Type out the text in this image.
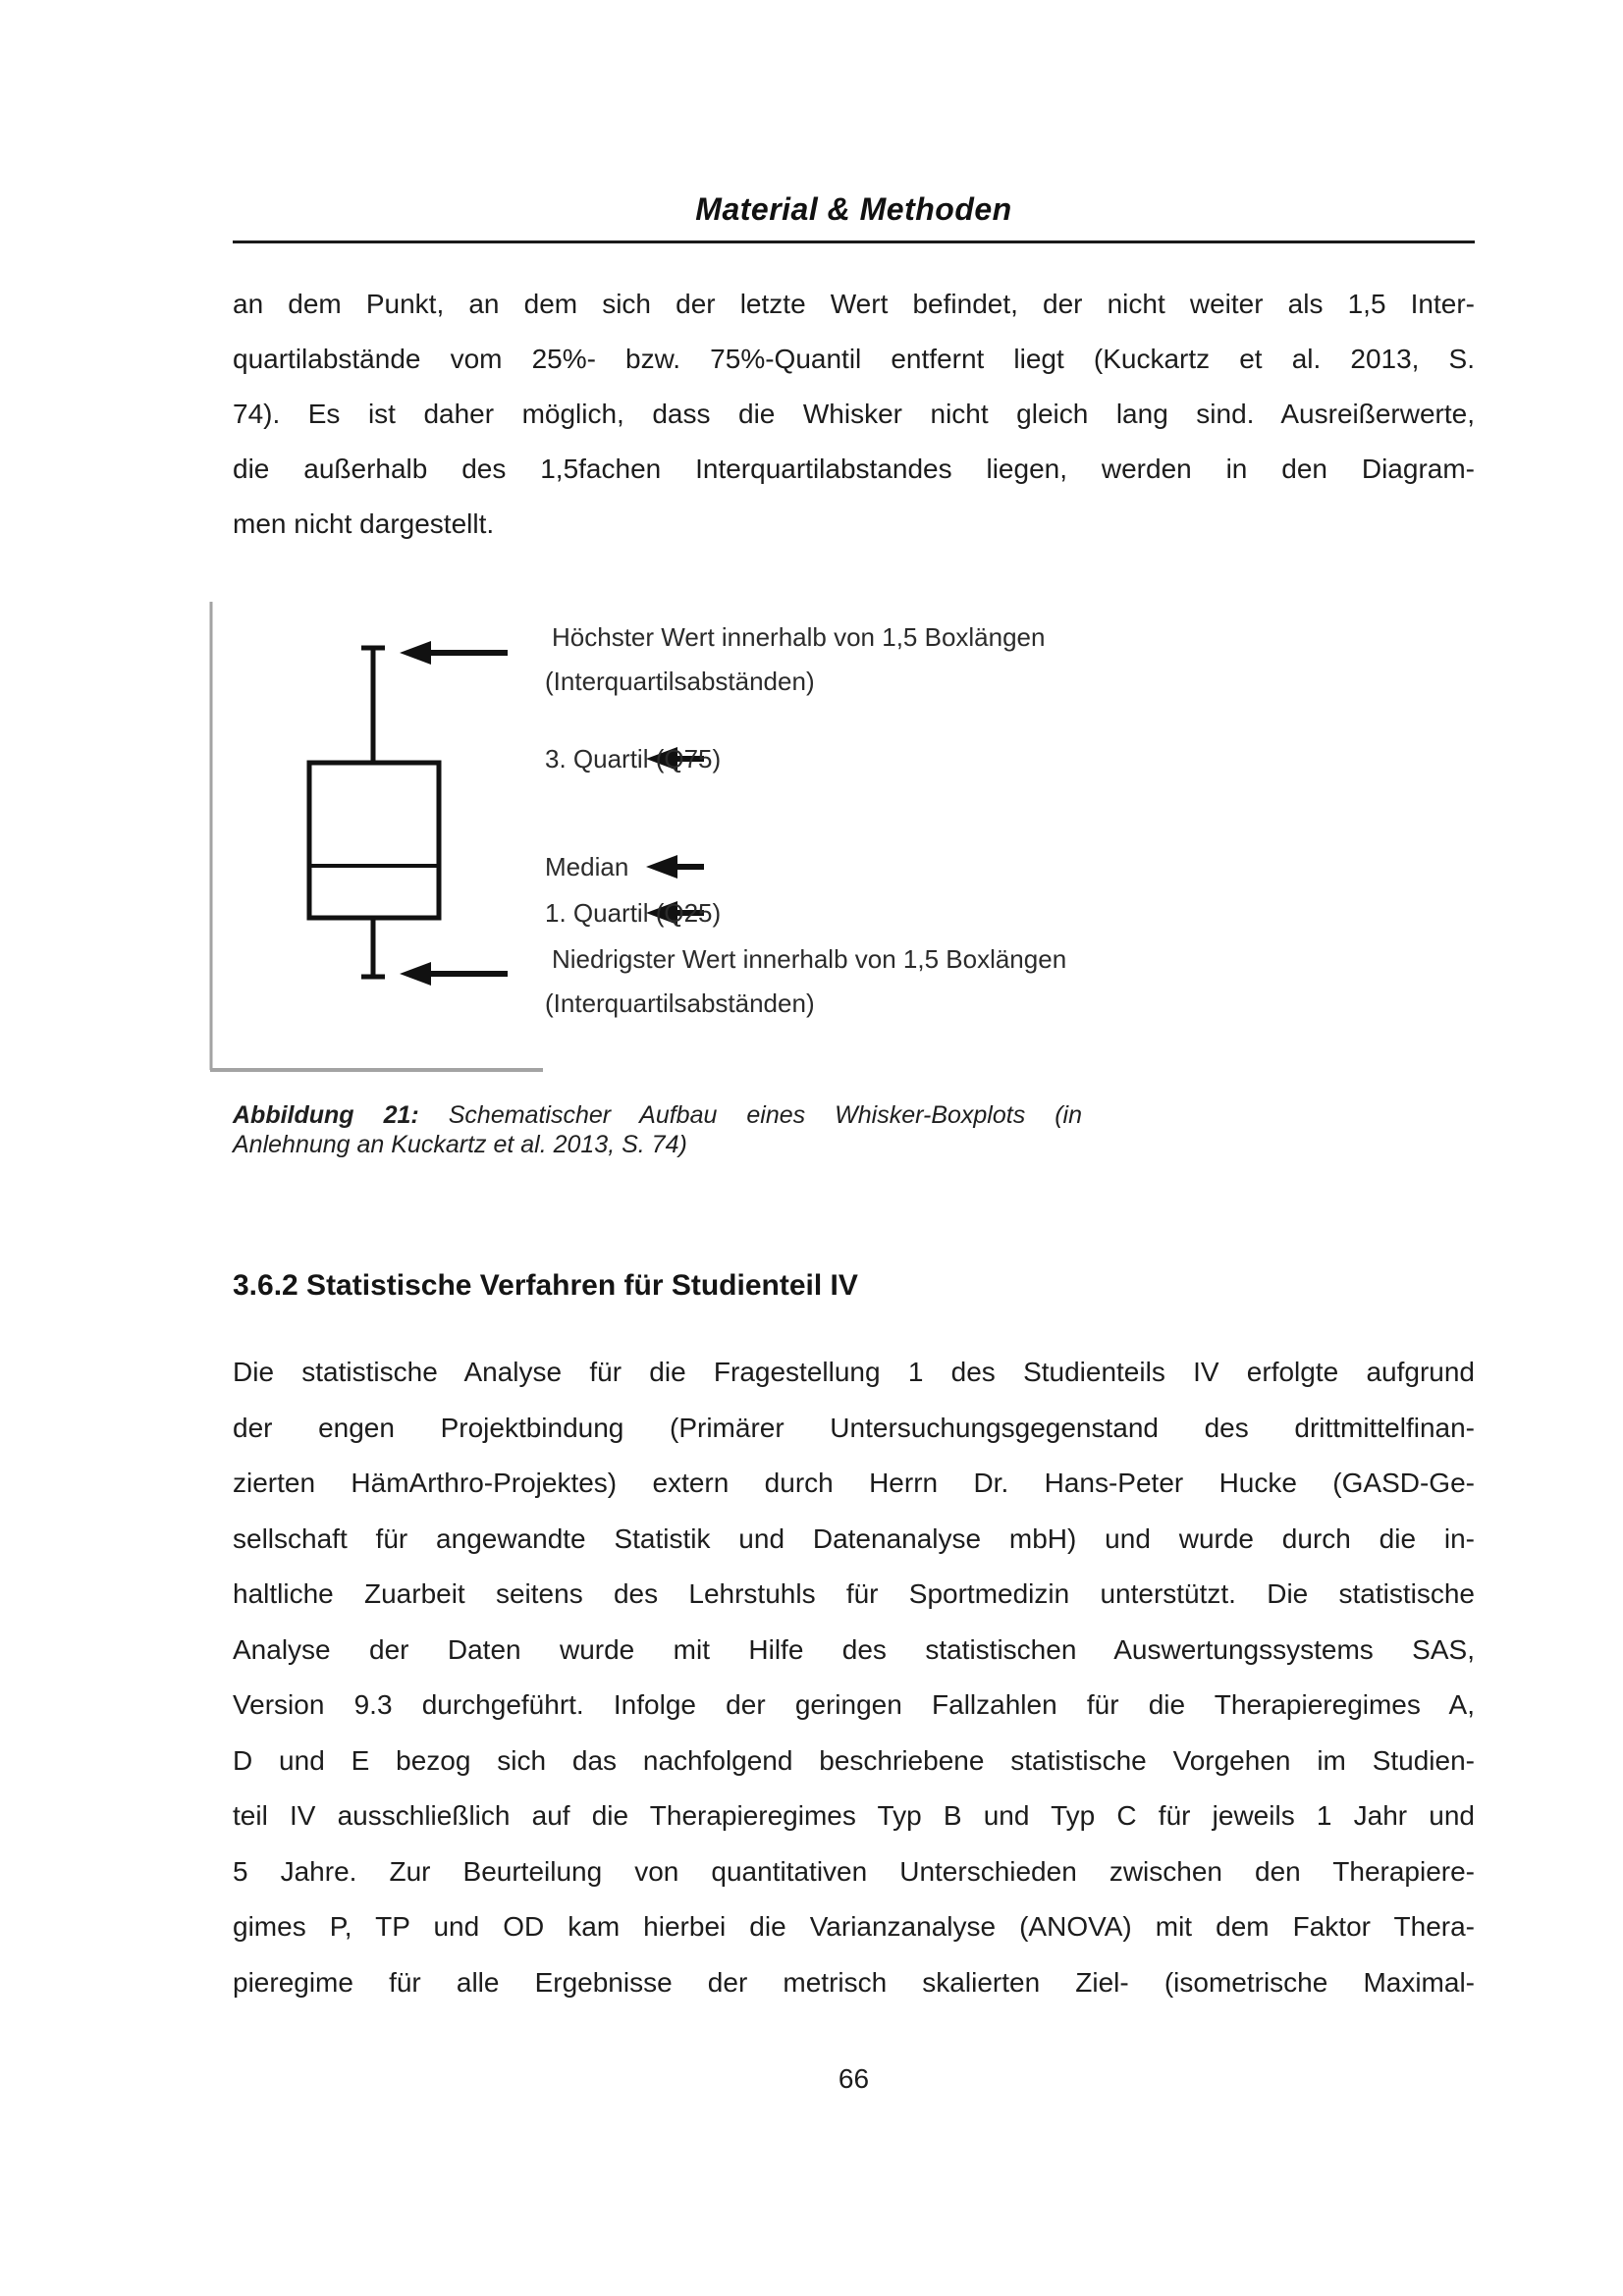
Material & Methoden
an dem Punkt, an dem sich der letzte Wert befindet, der nicht weiter als 1,5 Inter-
quartilabstände vom 25%- bzw. 75%-Quantil entfernt liegt (Kuckartz et al. 2013, S.
74). Es ist daher möglich, dass die Whisker nicht gleich lang sind. Ausreißerwerte,
die außerhalb des 1,5fachen Interquartilabstandes liegen, werden in den Diagram-
men nicht dargestellt.
Höchster Wert innerhalb von 1,5 Boxlängen
(Interquartilsabständen)
3. Quartil (Q75)
Median
1. Quartil (Q25)
Niedrigster Wert innerhalb von 1,5 Boxlängen
(Interquartilsabständen)
Abbildung 21: Schematischer Aufbau eines Whisker-Boxplots (in
Anlehnung an Kuckartz et al. 2013, S. 74)
3.6.2 Statistische Verfahren für Studienteil IV
Die statistische Analyse für die Fragestellung 1 des Studienteils IV erfolgte aufgrund
der engen Projektbindung (Primärer Untersuchungsgegenstand des drittmittelfinan-
zierten HämArthro-Projektes) extern durch Herrn Dr. Hans-Peter Hucke (GASD-Ge-
sellschaft für angewandte Statistik und Datenanalyse mbH) und wurde durch die in-
haltliche Zuarbeit seitens des Lehrstuhls für Sportmedizin unterstützt. Die statistische
Analyse der Daten wurde mit Hilfe des statistischen Auswertungssystems SAS,
Version 9.3 durchgeführt. Infolge der geringen Fallzahlen für die Therapieregimes A,
D und E bezog sich das nachfolgend beschriebene statistische Vorgehen im Studien-
teil IV ausschließlich auf die Therapieregimes Typ B und Typ C für jeweils 1 Jahr und
5 Jahre. Zur Beurteilung von quantitativen Unterschieden zwischen den Therapiere-
gimes P, TP und OD kam hierbei die Varianzanalyse (ANOVA) mit dem Faktor Thera-
pieregime für alle Ergebnisse der metrisch skalierten Ziel- (isometrische Maximal-
66
